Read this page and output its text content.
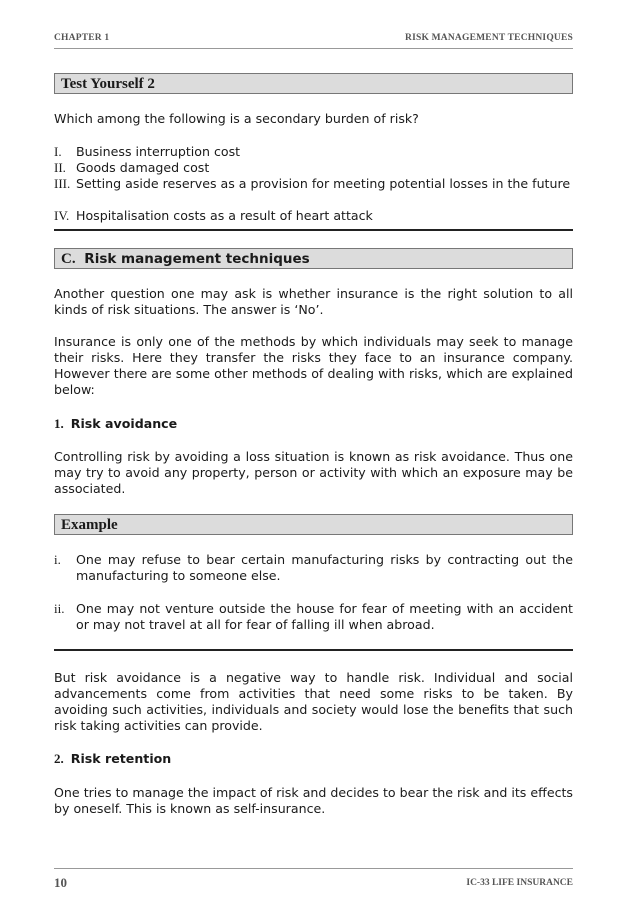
CHAPTER 1	RISK MANAGEMENT TECHNIQUES
Test Yourself 2
Which among the following is a secondary burden of risk?
I. Business interruption cost
II. Goods damaged cost
III. Setting aside reserves as a provision for meeting potential losses in the future
IV. Hospitalisation costs as a result of heart attack
C. Risk management techniques
Another question one may ask is whether insurance is the right solution to all kinds of risk situations. The answer is ‘No’.
Insurance is only one of the methods by which individuals may seek to manage their risks. Here they transfer the risks they face to an insurance company. However there are some other methods of dealing with risks, which are explained below:
1. Risk avoidance
Controlling risk by avoiding a loss situation is known as risk avoidance. Thus one may try to avoid any property, person or activity with which an exposure may be associated.
Example
i. One may refuse to bear certain manufacturing risks by contracting out the manufacturing to someone else.
ii. One may not venture outside the house for fear of meeting with an accident or may not travel at all for fear of falling ill when abroad.
But risk avoidance is a negative way to handle risk. Individual and social advancements come from activities that need some risks to be taken. By avoiding such activities, individuals and society would lose the benefits that such risk taking activities can provide.
2. Risk retention
One tries to manage the impact of risk and decides to bear the risk and its effects by oneself. This is known as self-insurance.
10	IC-33 LIFE INSURANCE
